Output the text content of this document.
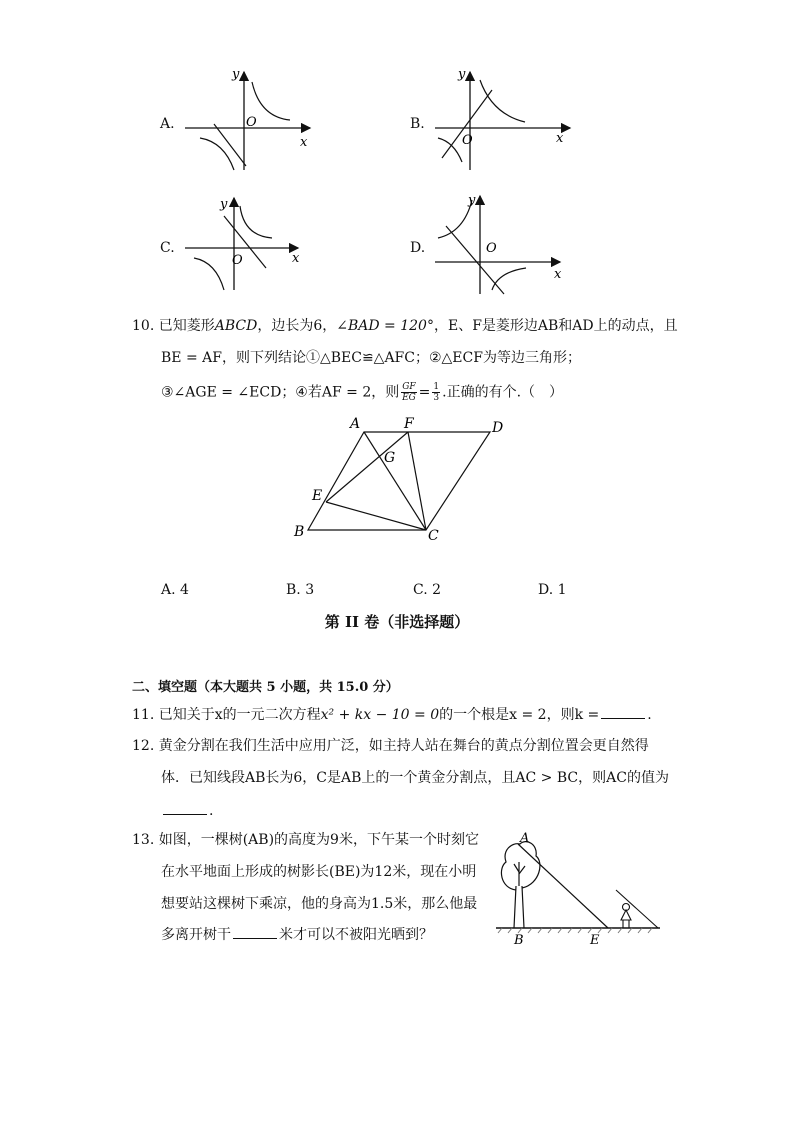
A.
y
x
O	B.
y
x
O
C.
y
x
O
D.
y
x
O
10. 已知菱形ABCD，边长为6，∠BAD = 120°，E、F是菱形边AB和AD上的动点，且
BE = AF，则下列结论①△BEC≌△AFC；②△ECF为等边三角形；
③∠AGE = ∠ECD；④若AF = 2，则 $\frac{GF}{EG} = \frac{1}{3}$ .正确的有个.（　）
A	F	D
G
E
B	C
A. 4	B. 3	C. 2	D. 1
第 II 卷（非选择题）
二、填空题（本大题共 5 小题，共 15.0 分）
11. 已知关于x的一元二次方程x² + kx − 10 = 0的一个根是x = 2，则k =	.
12. 黄金分割在我们生活中应用广泛，如主持人站在舞台的黄点分割位置会更自然得
体．已知线段AB长为6，C是AB上的一个黄金分割点，且AC > BC，则AC的值为
.
13. 如图，一棵树(AB)的高度为9米，下午某一个时刻它
在水平地面上形成的树影长(BE)为12米，现在小明
想要站这棵树下乘凉，他的身高为1.5米，那么他最
多离开树干	米才可以不被阳光晒到？
A
B	E
